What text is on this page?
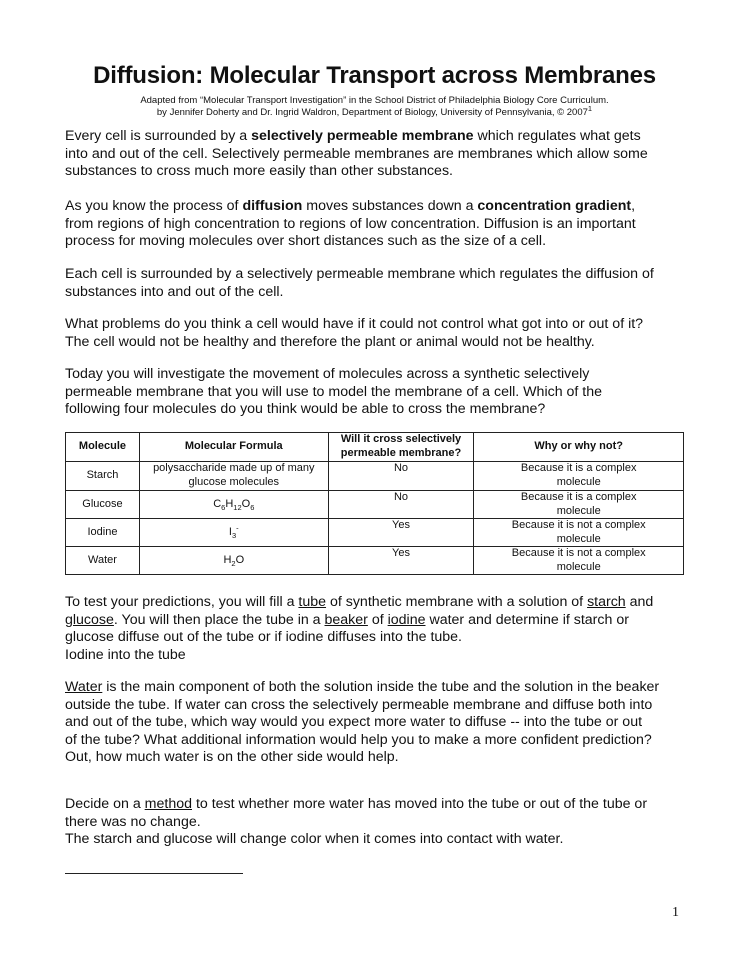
Diffusion: Molecular Transport across Membranes

Adapted from “Molecular Transport Investigation” in the School District of Philadelphia Biology Core Curriculum.

by Jennifer Doherty and Dr. Ingrid Waldron, Department of Biology, University of Pennsylvania, © 2007$^1$

Every cell is surrounded by a selectively permeable membrane which regulates what gets
into and out of the cell. Selectively permeable membranes are membranes which allow some
substances to cross much more easily than other substances.

As you know the process of diffusion moves substances down a concentration gradient,
from regions of high concentration to regions of low concentration. Diffusion is an important
process for moving molecules over short distances such as the size of a cell.

Each cell is surrounded by a selectively permeable membrane which regulates the diffusion of
substances into and out of the cell.

What problems do you think a cell would have if it could not control what got into or out of it?
The cell would not be healthy and therefore the plant or animal would not be healthy.

Today you will investigate the movement of molecules across a synthetic selectively
permeable membrane that you will use to model the membrane of a cell. Which of the
following four molecules do you think would be able to cross the membrane?

Molecule	Molecular Formula	Will it cross selectively
permeable membrane?	Why or why not?
Starch	polysaccharide made up of many
glucose molecules	No	Because it is a complex
molecule
Glucose	$C_6H_{12}O_6$	No	Because it is a complex
molecule
Iodine	$I_3^-$	Yes	Because it is not a complex
molecule
Water	$H_2O$	Yes	Because it is not a complex
molecule

To test your predictions, you will fill a tube of synthetic membrane with a solution of starch and
glucose. You will then place the tube in a beaker of iodine water and determine if starch or
glucose diffuse out of the tube or if iodine diffuses into the tube.
Iodine into the tube

Water is the main component of both the solution inside the tube and the solution in the beaker
outside the tube. If water can cross the selectively permeable membrane and diffuse both into
and out of the tube, which way would you expect more water to diffuse -- into the tube or out
of the tube? What additional information would help you to make a more confident prediction?
Out, how much water is on the other side would help.

Decide on a method to test whether more water has moved into the tube or out of the tube or
there was no change.
The starch and glucose will change color when it comes into contact with water.

1
